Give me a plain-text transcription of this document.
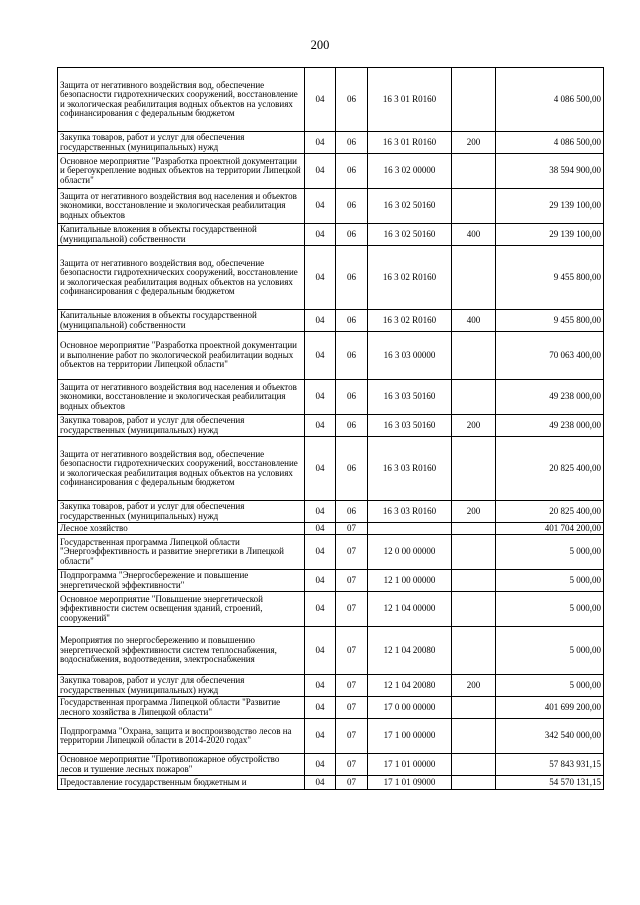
200
Защита от негативного воздействия вод, обеспечение безопасности гидротехнических сооружений, восстановление и экологическая реабилитация водных объектов на условиях софинансирования с федеральным бюджетом	04	06	16 3 01 R0160		4 086 500,00
Закупка товаров, работ и услуг для обеспечения государственных (муниципальных) нужд	04	06	16 3 01 R0160	200	4 086 500,00
Основное мероприятие "Разработка проектной документации и берегоукрепление водных объектов на территории Липецкой области"	04	06	16 3 02 00000		38 594 900,00
Защита от негативного воздействия вод населения и объектов экономики, восстановление и экологическая реабилитация водных объектов	04	06	16 3 02 50160		29 139 100,00
Капитальные вложения в объекты государственной (муниципальной) собственности	04	06	16 3 02 50160	400	29 139 100,00
Защита от негативного воздействия вод, обеспечение безопасности гидротехнических сооружений, восстановление и экологическая реабилитация водных объектов на условиях софинансирования с федеральным бюджетом	04	06	16 3 02 R0160		9 455 800,00
Капитальные вложения в объекты государственной (муниципальной) собственности	04	06	16 3 02 R0160	400	9 455 800,00
Основное мероприятие "Разработка проектной документации и выполнение работ по экологической реабилитации водных объектов на территории Липецкой области"	04	06	16 3 03 00000		70 063 400,00
Защита от негативного воздействия вод населения и объектов экономики, восстановление и экологическая реабилитация водных объектов	04	06	16 3 03 50160		49 238 000,00
Закупка товаров, работ и услуг для обеспечения государственных (муниципальных) нужд	04	06	16 3 03 50160	200	49 238 000,00
Защита от негативного воздействия вод, обеспечение безопасности гидротехнических сооружений, восстановление и экологическая реабилитация водных объектов на условиях софинансирования с федеральным бюджетом	04	06	16 3 03 R0160		20 825 400,00
Закупка товаров, работ и услуг для обеспечения государственных (муниципальных) нужд	04	06	16 3 03 R0160	200	20 825 400,00
Лесное хозяйство	04	07			401 704 200,00
Государственная программа Липецкой области "Энергоэффективность и развитие энергетики в Липецкой области"	04	07	12 0 00 00000		5 000,00
Подпрограмма "Энергосбережение и повышение энергетической эффективности"	04	07	12 1 00 00000		5 000,00
Основное мероприятие "Повышение энергетической эффективности систем освещения зданий, строений, сооружений"	04	07	12 1 04 00000		5 000,00
Мероприятия по энергосбережению и повышению энергетической эффективности систем теплоснабжения, водоснабжения, водоотведения, электроснабжения	04	07	12 1 04 20080		5 000,00
Закупка товаров, работ и услуг для обеспечения государственных (муниципальных) нужд	04	07	12 1 04 20080	200	5 000,00
Государственная программа Липецкой области "Развитие лесного хозяйства в Липецкой области"	04	07	17 0 00 00000		401 699 200,00
Подпрограмма "Охрана, защита и воспроизводство лесов на территории Липецкой области в 2014-2020 годах"	04	07	17 1 00 00000		342 540 000,00
Основное мероприятие "Противопожарное обустройство лесов и тушение лесных пожаров"	04	07	17 1 01 00000		57 843 931,15
Предоставление государственным бюджетным и	04	07	17 1 01 09000		54 570 131,15
